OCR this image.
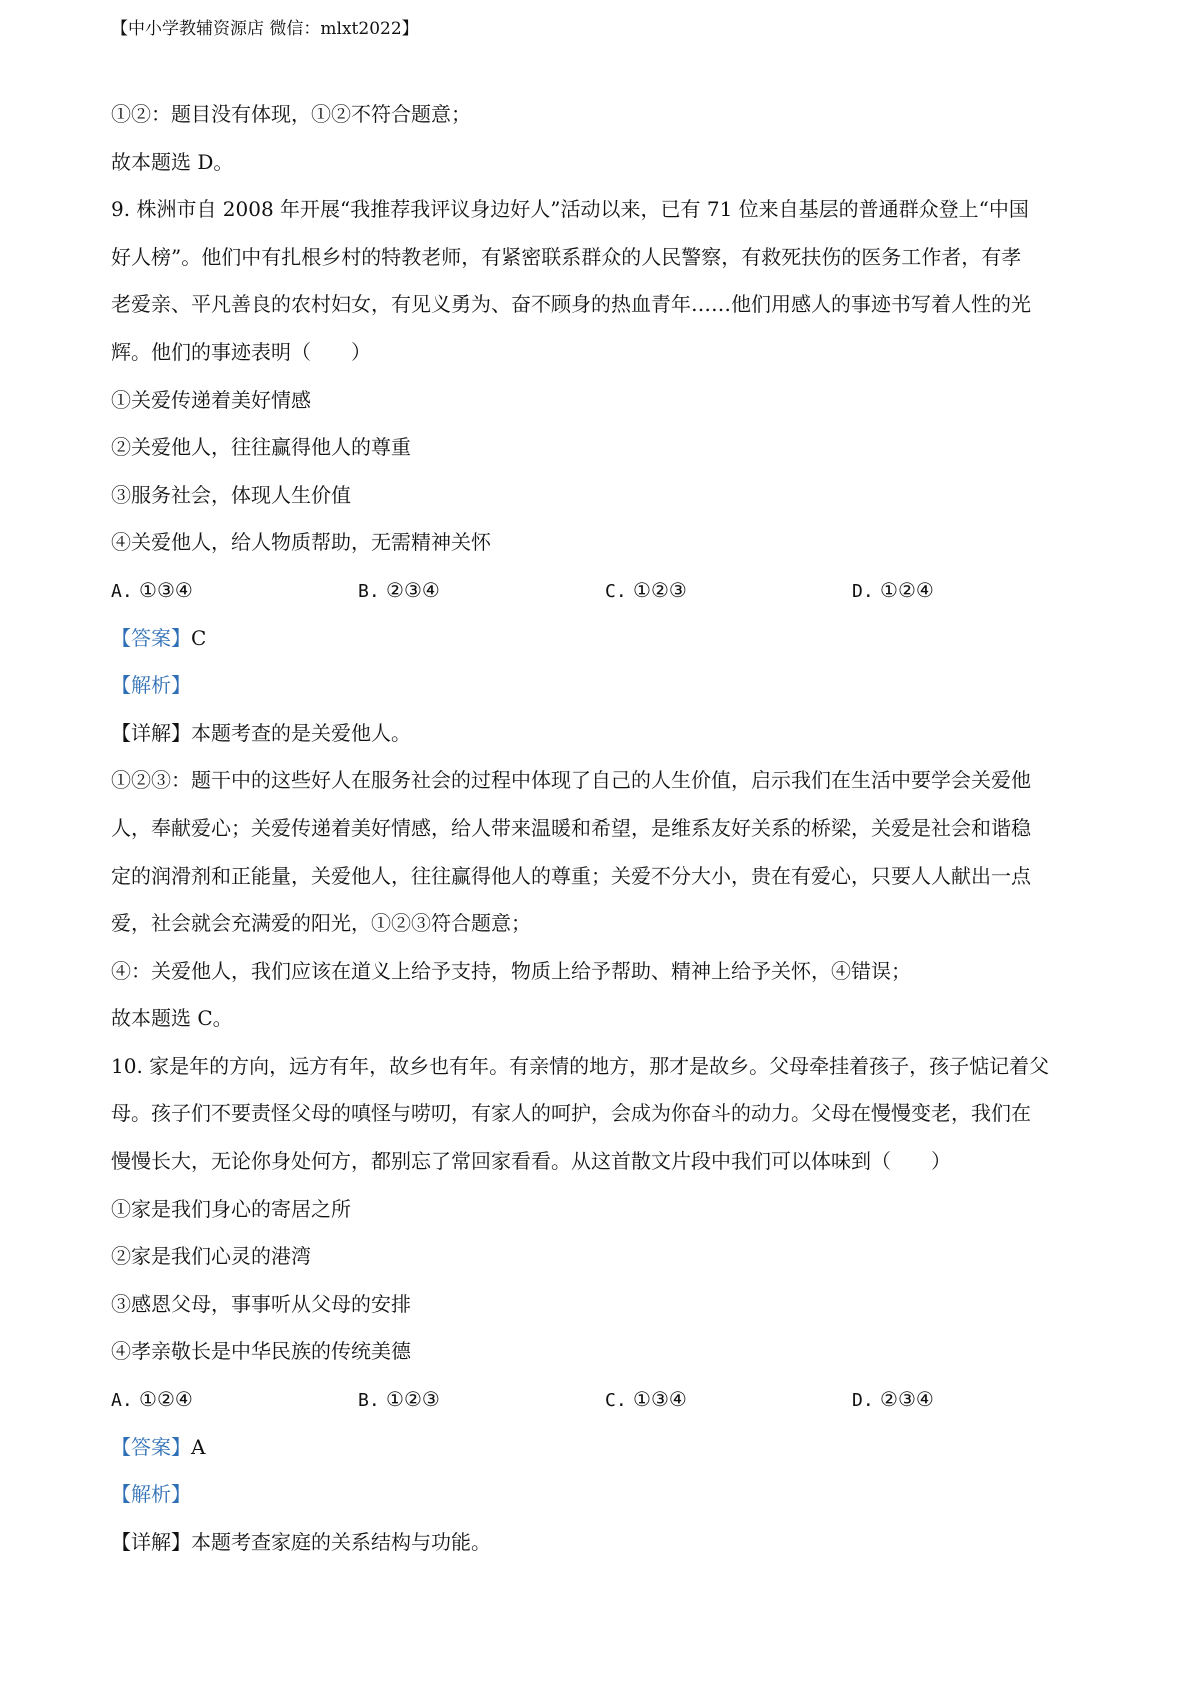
【中小学教辅资源店 微信：mlxt2022】
①②：题目没有体现，①②不符合题意；
故本题选 D。
9. 株洲市自 2008 年开展“我推荐我评议身边好人”活动以来，已有 71 位来自基层的普通群众登上“中国
好人榜”。他们中有扎根乡村的特教老师，有紧密联系群众的人民警察，有救死扶伤的医务工作者，有孝
老爱亲、平凡善良的农村妇女，有见义勇为、奋不顾身的热血青年……他们用感人的事迹书写着人性的光
辉。他们的事迹表明（　　）
①关爱传递着美好情感
②关爱他人，往往赢得他人的尊重
③服务社会，体现人生价值
④关爱他人，给人物质帮助，无需精神关怀
A. ①③④	B. ②③④	C. ①②③	D. ①②④
【答案】C
【解析】
【详解】本题考查的是关爱他人。
①②③：题干中的这些好人在服务社会的过程中体现了自己的人生价值，启示我们在生活中要学会关爱他
人，奉献爱心；关爱传递着美好情感，给人带来温暖和希望，是维系友好关系的桥梁，关爱是社会和谐稳
定的润滑剂和正能量，关爱他人，往往赢得他人的尊重；关爱不分大小，贵在有爱心，只要人人献出一点
爱，社会就会充满爱的阳光，①②③符合题意；
④：关爱他人，我们应该在道义上给予支持，物质上给予帮助、精神上给予关怀，④错误；
故本题选 C。
10. 家是年的方向，远方有年，故乡也有年。有亲情的地方，那才是故乡。父母牵挂着孩子，孩子惦记着父
母。孩子们不要责怪父母的嗔怪与唠叨，有家人的呵护，会成为你奋斗的动力。父母在慢慢变老，我们在
慢慢长大，无论你身处何方，都别忘了常回家看看。从这首散文片段中我们可以体味到（　　）
①家是我们身心的寄居之所
②家是我们心灵的港湾
③感恩父母，事事听从父母的安排
④孝亲敬长是中华民族的传统美德
A. ①②④	B. ①②③	C. ①③④	D. ②③④
【答案】A
【解析】
【详解】本题考查家庭的关系结构与功能。
